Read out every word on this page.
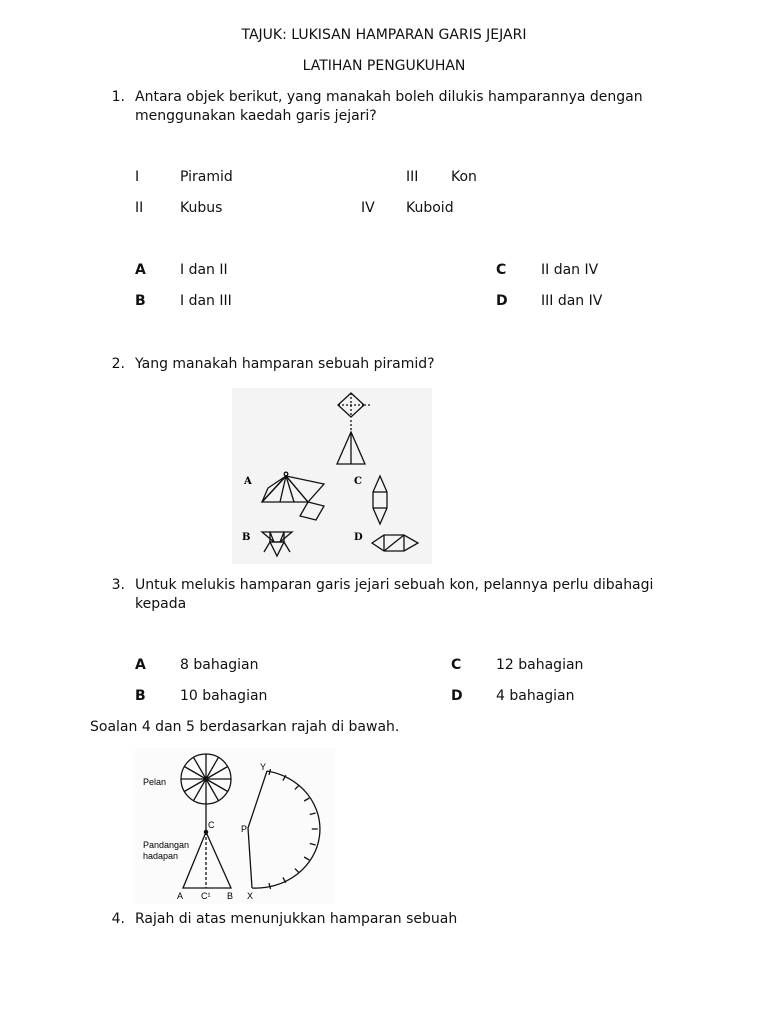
TAJUK: LUKISAN HAMPARAN GARIS JEJARI
LATIHAN PENGUKUHAN
1. Antara objek berikut, yang manakah boleh dilukis hamparannya dengan
menggunakan kaedah garis jejari?
I	Piramid
II	Kubus
III Kon
IV Kuboid
A I dan II
B I dan III
C II dan IV
D III dan IV
2. Yang manakah hamparan sebuah piramid?
A	C
B	D
3. Untuk melukis hamparan garis jejari sebuah kon, pelannya perlu dibahagi
kepada
A 8 bahagian
B 10 bahagian
C 12 bahagian
D 4 bahagian
Soalan 4 dan 5 berdasarkan rajah di bawah.
Pelan
Pandangan
hadapan
C
A C¹ B
Y
P
X
4. Rajah di atas menunjukkan hamparan sebuah
